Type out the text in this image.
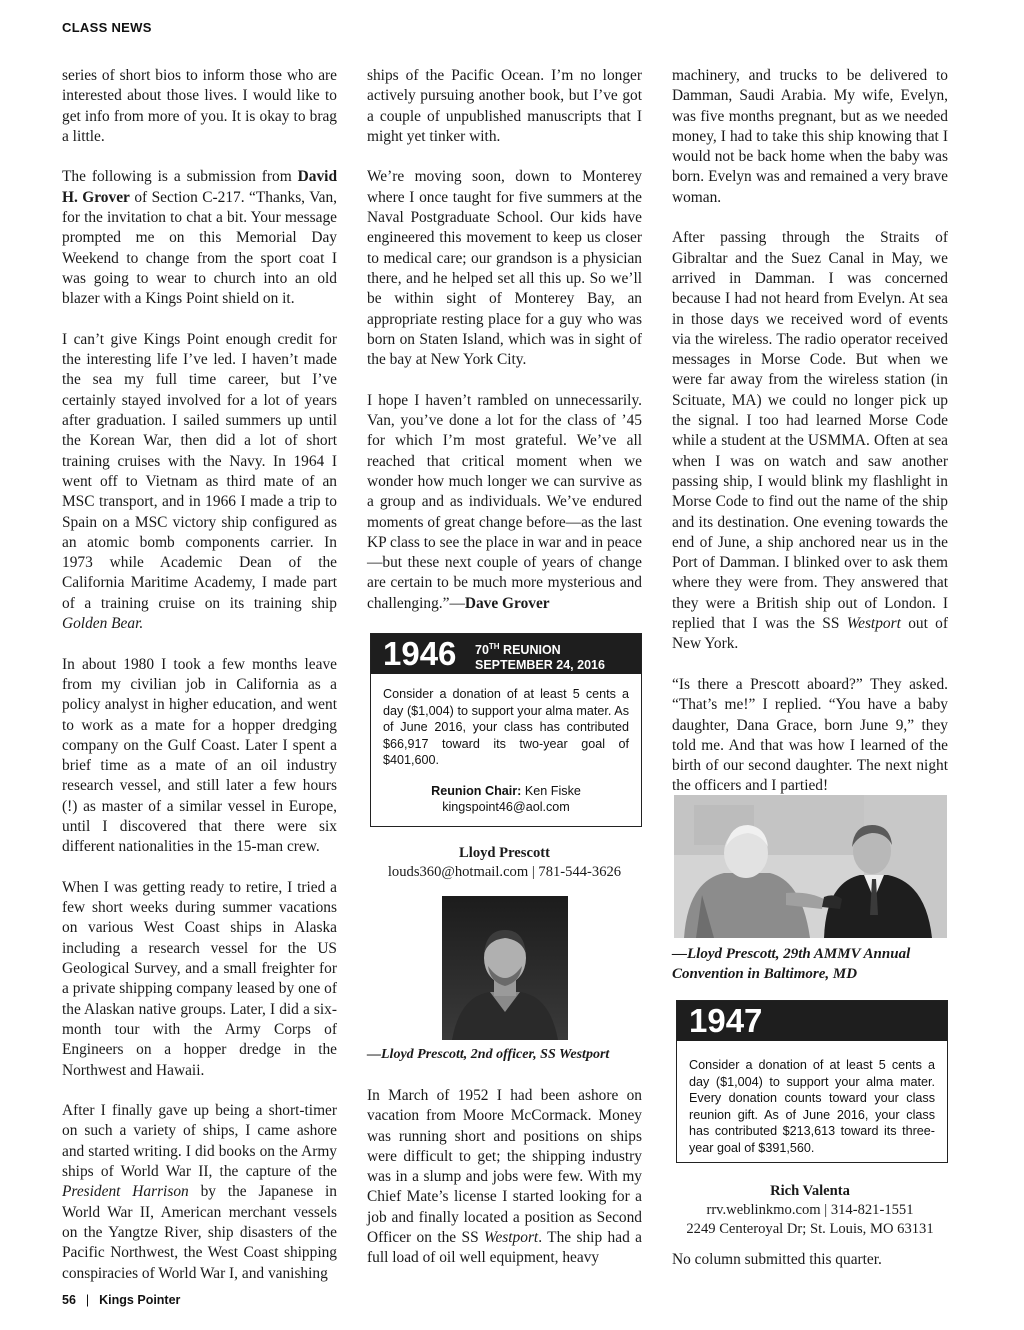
CLASS NEWS

series of short bios to inform those who are interested about those lives. I would like to get info from more of you. It is okay to brag a little.

The following is a submission from David H. Grover of Section C-217. “Thanks, Van, for the invitation to chat a bit. Your message prompted me on this Memorial Day Weekend to change from the sport coat I was going to wear to church into an old blazer with a Kings Point shield on it.

I can’t give Kings Point enough credit for the interesting life I’ve led. I haven’t made the sea my full time career, but I’ve certainly stayed involved for a lot of years after graduation. I sailed summers up until the Korean War, then did a lot of short training cruises with the Navy. In 1964 I went off to Vietnam as third mate of an MSC transport, and in 1966 I made a trip to Spain on a MSC victory ship configured as an atomic bomb components carrier. In 1973 while Academic Dean of the California Maritime Academy, I made part of a training cruise on its training ship Golden Bear.

In about 1980 I took a few months leave from my civilian job in California as a policy analyst in higher education, and went to work as a mate for a hopper dredging company on the Gulf Coast. Later I spent a brief time as a mate of an oil industry research vessel, and still later a few hours (!) as master of a similar vessel in Europe, until I discovered that there were six different nationalities in the 15-man crew.

When I was getting ready to retire, I tried a few short weeks during summer vacations on various West Coast ships in Alaska including a research vessel for the US Geological Survey, and a small freighter for a private shipping company leased by one of the Alaskan native groups. Later, I did a six-month tour with the Army Corps of Engineers on a hopper dredge in the Northwest and Hawaii.

After I finally gave up being a short-timer on such a variety of ships, I came ashore and started writing. I did books on the Army ships of World War II, the capture of the President Harrison by the Japanese in World War II, American merchant vessels on the Yangtze River, ship disasters of the Pacific Northwest, the West Coast shipping conspiracies of World War I, and vanishing

ships of the Pacific Ocean. I’m no longer actively pursuing another book, but I’ve got a couple of unpublished manuscripts that I might yet tinker with.

We’re moving soon, down to Monterey where I once taught for five summers at the Naval Postgraduate School. Our kids have engineered this movement to keep us closer to medical care; our grandson is a physician there, and he helped set all this up. So we’ll be within sight of Monterey Bay, an appropriate resting place for a guy who was born on Staten Island, which was in sight of the bay at New York City.

I hope I haven’t rambled on unnecessarily. Van, you’ve done a lot for the class of ’45 for which I’m most grateful. We’ve all reached that critical moment when we wonder how much longer we can survive as a group and as individuals. We’ve endured moments of great change before—as the last KP class to see the place in war and in peace—but these next couple of years of change are certain to be much more mysterious and challenging.”—Dave Grover

1946 70TH REUNION
SEPTEMBER 24, 2016

Consider a donation of at least 5 cents a day ($1,004) to support your alma mater. As of June 2016, your class has contributed $66,917 toward its two-year goal of $401,600.

Reunion Chair: Ken Fiske
kingspoint46@aol.com
Lloyd Prescott
louds360@hotmail.com | 781-544-3626
—Lloyd Prescott, 2nd officer, SS Westport

In March of 1952 I had been ashore on vacation from Moore McCormack. Money was running short and positions on ships were difficult to get; the shipping industry was in a slump and jobs were few. With my Chief Mate’s license I started looking for a job and finally located a position as Second Officer on the SS Westport. The ship had a full load of oil well equipment, heavy

machinery, and trucks to be delivered to Damman, Saudi Arabia. My wife, Evelyn, was five months pregnant, but as we needed money, I had to take this ship knowing that I would not be back home when the baby was born. Evelyn was and remained a very brave woman.

After passing through the Straits of Gibraltar and the Suez Canal in May, we arrived in Damman. I was concerned because I had not heard from Evelyn. At sea in those days we received word of events via the wireless. The radio operator received messages in Morse Code. But when we were far away from the wireless station (in Scituate, MA) we could no longer pick up the signal. I too had learned Morse Code while a student at the USMMA. Often at sea when I was on watch and saw another passing ship, I would blink my flashlight in Morse Code to find out the name of the ship and its destination. One evening towards the end of June, a ship anchored near us in the Port of Damman. I blinked over to ask them where they were from. They answered that they were a British ship out of London. I replied that I was the SS Westport out of New York.

“Is there a Prescott aboard?” They asked. “That’s me!” I replied. “You have a baby daughter, Dana Grace, born June 9,” they told me. And that was how I learned of the birth of our second daughter. The next night the officers and I partied!

—Lloyd Prescott, 29th AMMV Annual Convention in Baltimore, MD
1947

Consider a donation of at least 5 cents a day ($1,004) to support your alma mater. Every donation counts toward your class reunion gift. As of June 2016, your class has contributed $213,613 toward its three-year goal of $391,560.

Rich Valenta
rrv.weblinkmo.com | 314-821-1551
2249 Centeroyal Dr; St. Louis, MO 63131
No column submitted this quarter.
56 | Kings Pointer
